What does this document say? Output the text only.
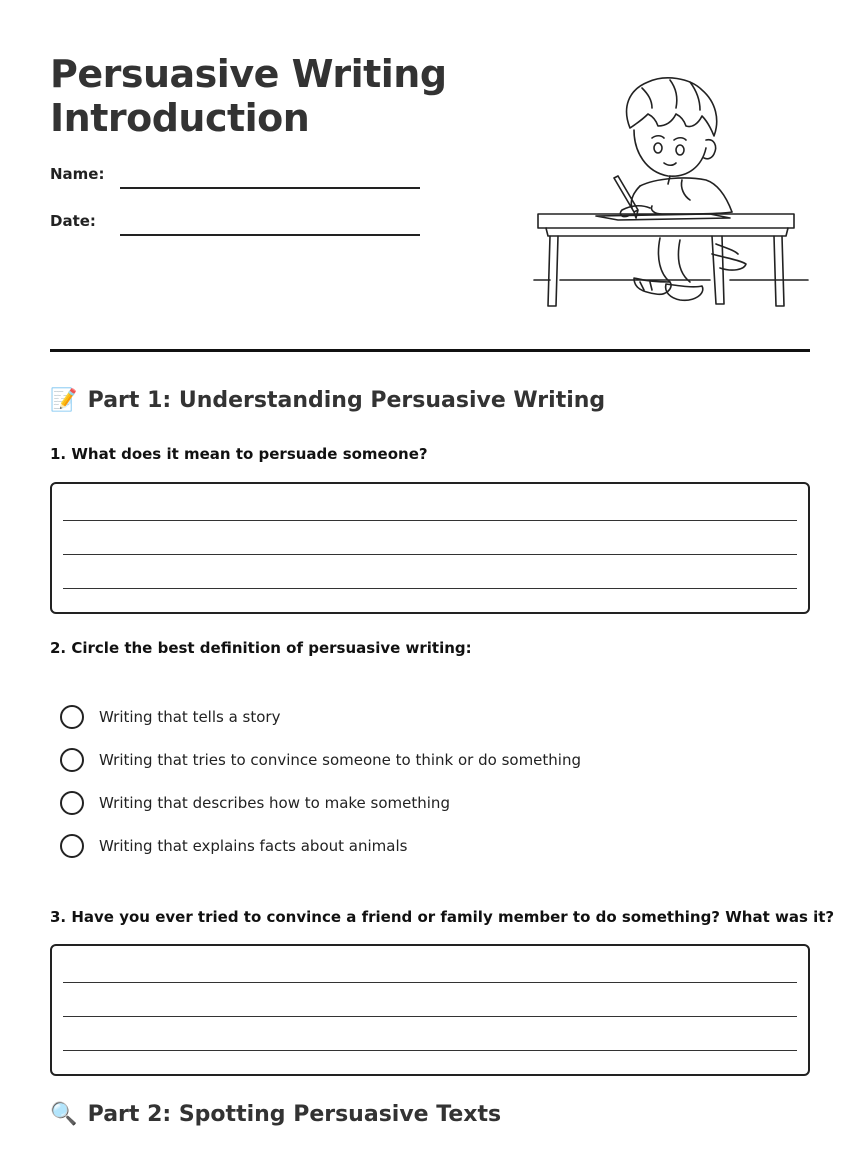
Persuasive Writing
Introduction
Name:
Date:
📝 Part 1: Understanding Persuasive Writing
1. What does it mean to persuade someone?
2. Circle the best definition of persuasive writing:
Writing that tells a story
Writing that tries to convince someone to think or do something
Writing that describes how to make something
Writing that explains facts about animals
3. Have you ever tried to convince a friend or family member to do something? What was it?
🔍 Part 2: Spotting Persuasive Texts
